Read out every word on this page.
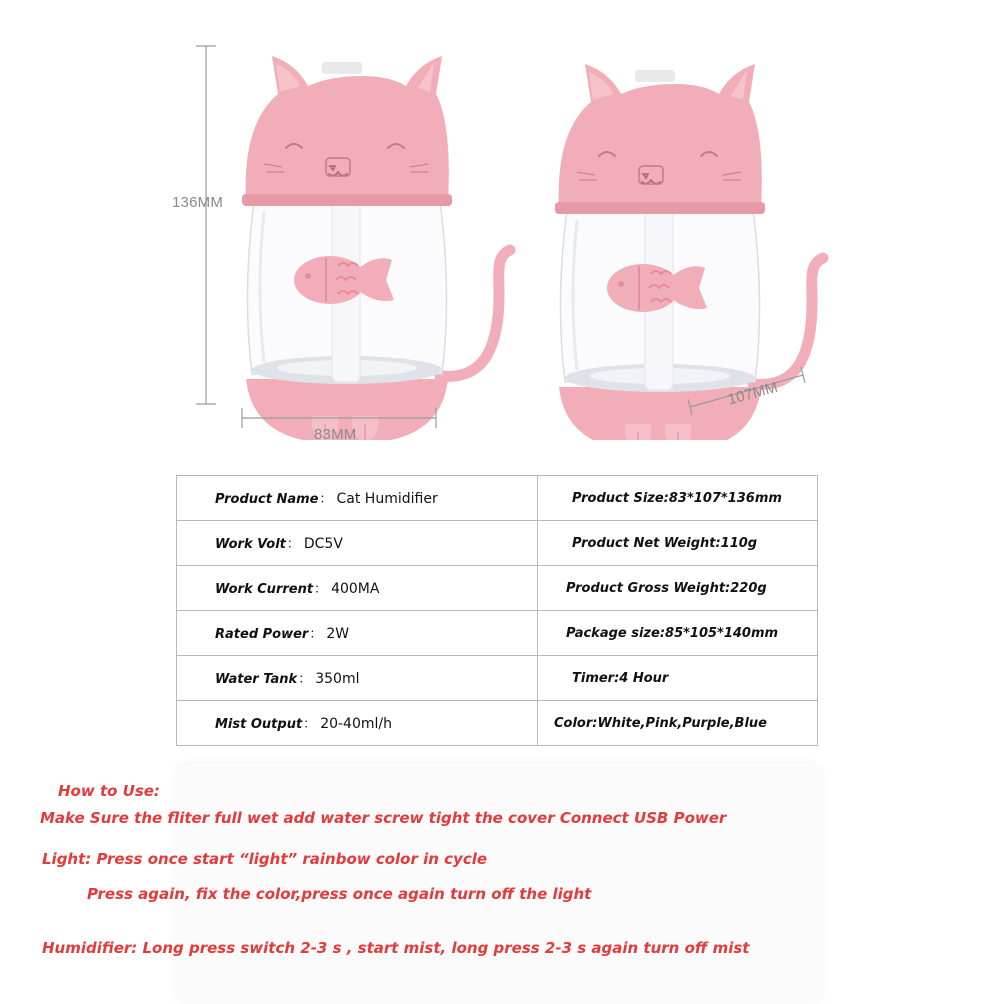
136MM
83MM
107MM
Product Name： Cat Humidifier	Product Size:83*107*136mm
Work Volt： DC5V	Product Net Weight:110g
Work Current： 400MA	Product Gross Weight:220g
Rated Power： 2W	Package size:85*105*140mm
Water Tank： 350ml	Timer:4 Hour
Mist Output： 20-40ml/h	Color:White,Pink,Purple,Blue
How to Use:
Make Sure the fliter full wet add water screw tight the cover Connect USB Power
Light: Press once start “light” rainbow color in cycle
Press again, fix the color,press once again turn off the light
Humidifier: Long press switch 2-3 s , start mist, long press 2-3 s again turn off mist
